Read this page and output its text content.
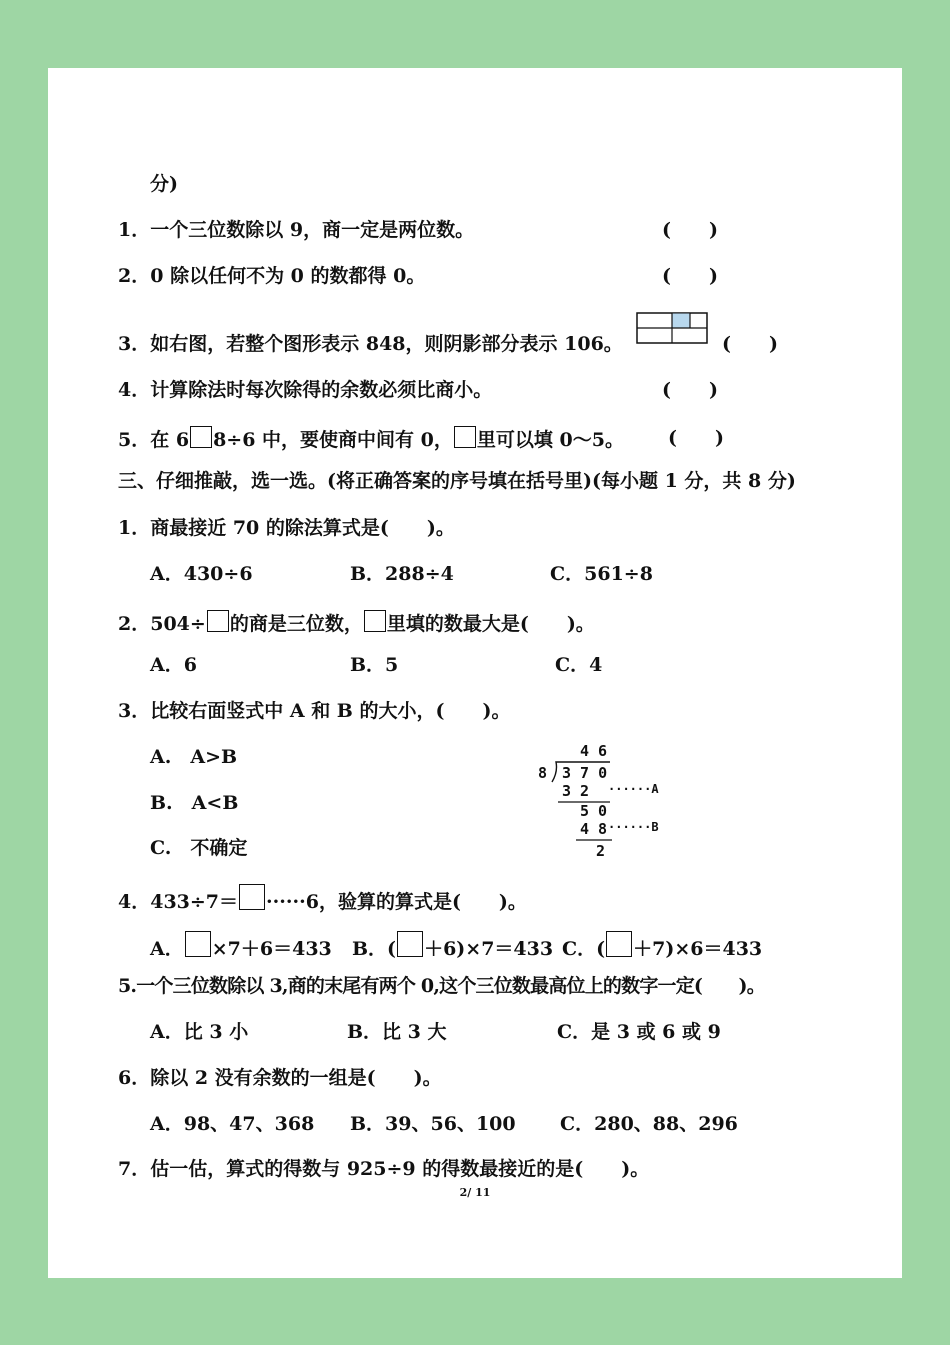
分)
1．一个三位数除以 9，商一定是两位数。	(　　)
2．0 除以任何不为 0 的数都得 0。	(　　)
3．如右图，若整个图形表示 848，则阴影部分表示 106。	(　　)
4．计算除法时每次除得的余数必须比商小。	(　　)
5．在 6 8÷6 中，要使商中间有 0， 里可以填 0～5。 (　　)
三、仔细推敲，选一选。(将正确答案的序号填在括号里)(每小题 1 分，共 8 分)
1．商最接近 70 的除法算式是(　　)。
A．430÷6	B．288÷4	C．561÷8
2．504÷ 的商是三位数， 里填的数最大是(　　)。
A．6	B．5	C．4
3．比较右面竖式中 A 和 B 的大小，(　　)。
A.　A>B
B.　A<B
C.　不确定
4 6
8 3 7 0
3 2 ······A
5 0
4 8 ······B
2
4．433÷7＝ ······6，验算的算式是(　　)。
A． ×7＋6＝433 B．( ＋6)×7＝433 C．( ＋7)×6＝433
5.一个三位数除以 3,商的末尾有两个 0,这个三位数最高位上的数字一定(　　)。
A．比 3 小	B．比 3 大	C．是 3 或 6 或 9
6．除以 2 没有余数的一组是(　　)。
A．98、47、368 B．39、56、100 C．280、88、296
7．估一估，算式的得数与 925÷9 的得数最接近的是(　　)。
2/ 11
